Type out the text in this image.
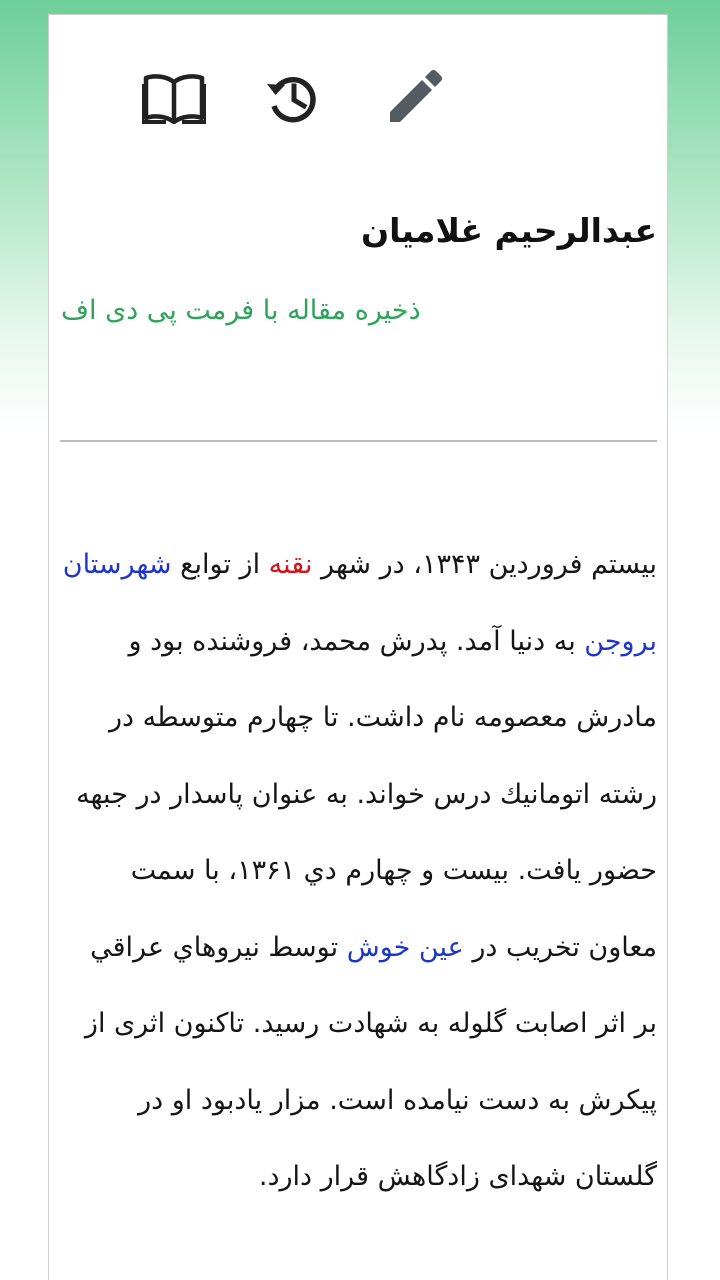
عبدالرحیم غلامیان
ذخیره مقاله با فرمت پی دی اف
بیستم فروردین ۱۳۴۳، در شهر نقنه از توابع شهرستان بروجن به دنیا آمد. پدرش محمد، فروشنده بود و مادرش معصومه نام داشت. تا چهارم متوسطه در رشته اتومانيك درس خواند. به عنوان پاسدار در جبهه حضور یافت. بيست و چهارم دي ۱۳۶۱، با سمت معاون تخريب در عین خوش توسط نيروهاي عراقي بر اثر اصابت گلوله به شهادت رسيد. تاکنون اثری از پیکرش به دست نیامده است. مزار یادبود او در گلستان شهدای زادگاهش قرار دارد.
